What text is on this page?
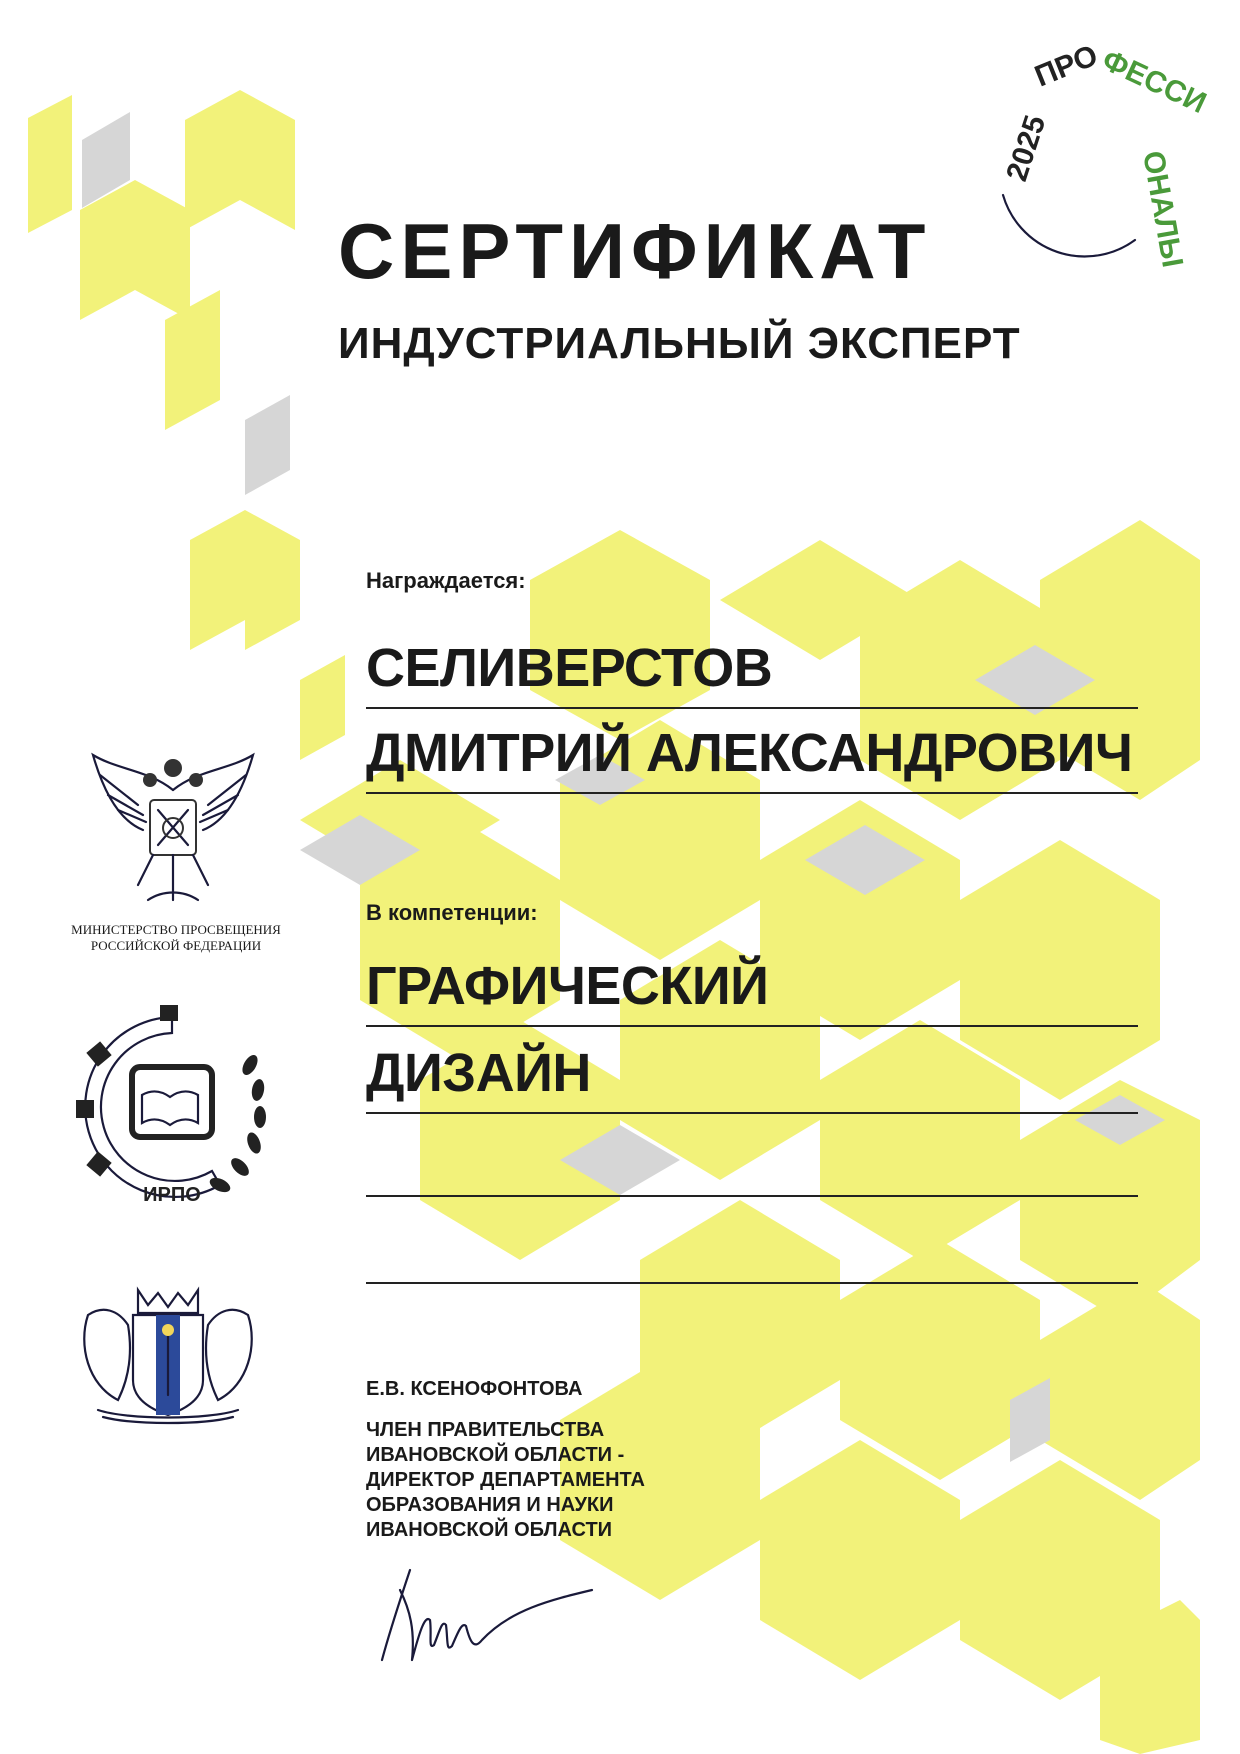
2025
ПРО
ФЕССИ
ОНАЛЫ
СЕРТИФИКАТ
ИНДУСТРИАЛЬНЫЙ ЭКСПЕРТ
Награждается:
СЕЛИВЕРСТОВ
ДМИТРИЙ АЛЕКСАНДРОВИЧ
В компетенции:
ГРАФИЧЕСКИЙ
ДИЗАЙН
МИНИСТЕРСТВО ПРОСВЕЩЕНИЯ
РОССИЙСКОЙ ФЕДЕРАЦИИ
ИРПО
Е.В. КСЕНОФОНТОВА
ЧЛЕН ПРАВИТЕЛЬСТВА
ИВАНОВСКОЙ ОБЛАСТИ -
ДИРЕКТОР ДЕПАРТАМЕНТА
ОБРАЗОВАНИЯ И НАУКИ
ИВАНОВСКОЙ ОБЛАСТИ
